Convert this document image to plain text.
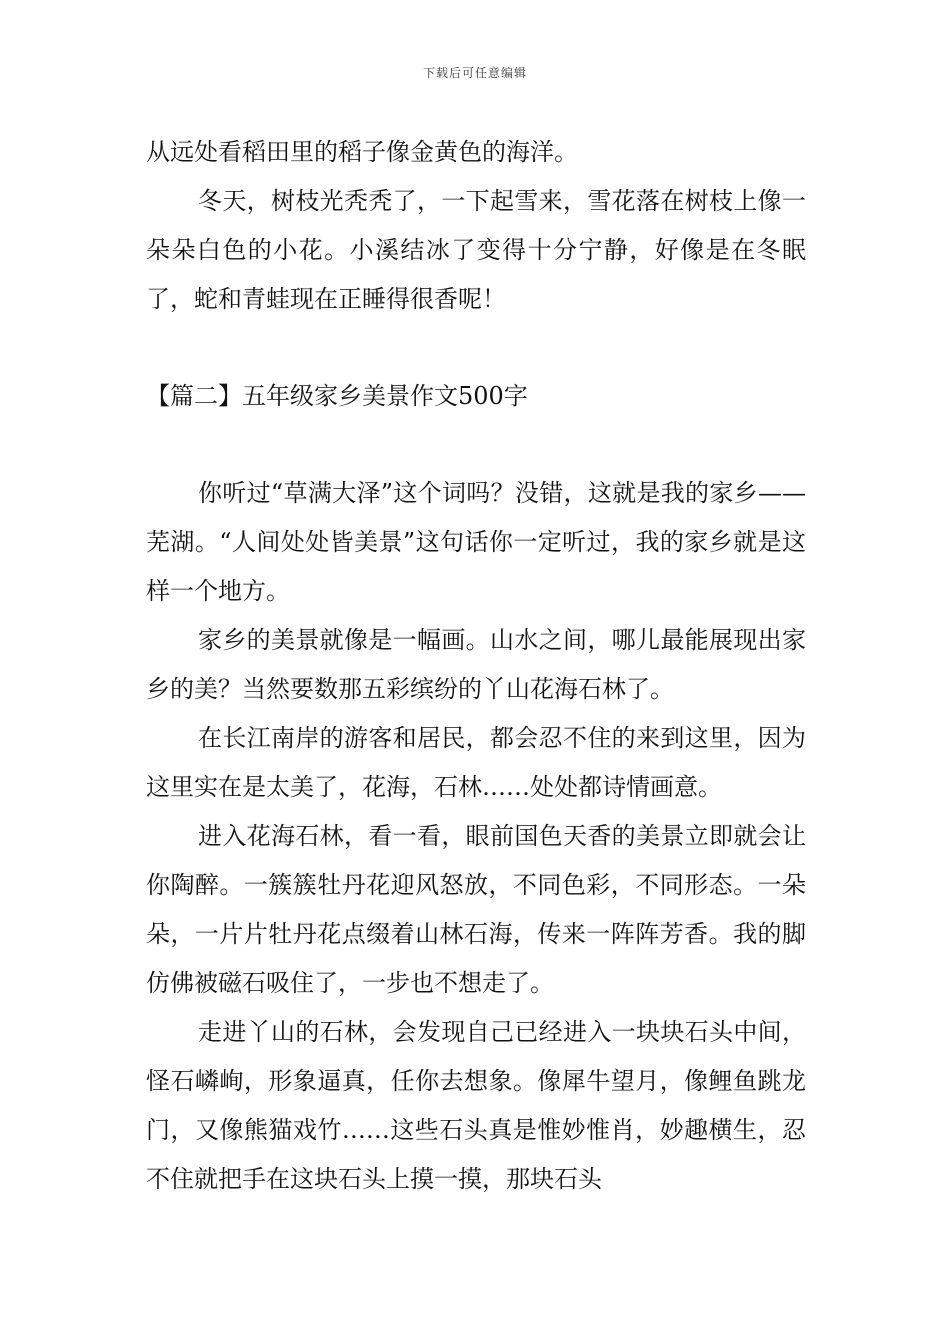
下载后可任意编辑

从远处看稻田里的稻子像金黄色的海洋。

冬天，树枝光秃秃了，一下起雪来，雪花落在树枝上像一朵朵白色的小花。小溪结冰了变得十分宁静，好像是在冬眠了，蛇和青蛙现在正睡得很香呢！

【篇二】五年级家乡美景作文500字

你听过“草满大泽”这个词吗？没错，这就是我的家乡——芜湖。“人间处处皆美景”这句话你一定听过，我的家乡就是这样一个地方。

家乡的美景就像是一幅画。山水之间，哪儿最能展现出家乡的美？当然要数那五彩缤纷的丫山花海石林了。

在长江南岸的游客和居民，都会忍不住的来到这里，因为这里实在是太美了，花海，石林……处处都诗情画意。

进入花海石林，看一看，眼前国色天香的美景立即就会让你陶醉。一簇簇牡丹花迎风怒放，不同色彩，不同形态。一朵朵，一片片牡丹花点缀着山林石海，传来一阵阵芳香。我的脚仿佛被磁石吸住了，一步也不想走了。

走进丫山的石林，会发现自己已经进入一块块石头中间，怪石嶙峋，形象逼真，任你去想象。像犀牛望月，像鲤鱼跳龙门，又像熊猫戏竹……这些石头真是惟妙惟肖，妙趣横生，忍不住就把手在这块石头上摸一摸，那块石头
